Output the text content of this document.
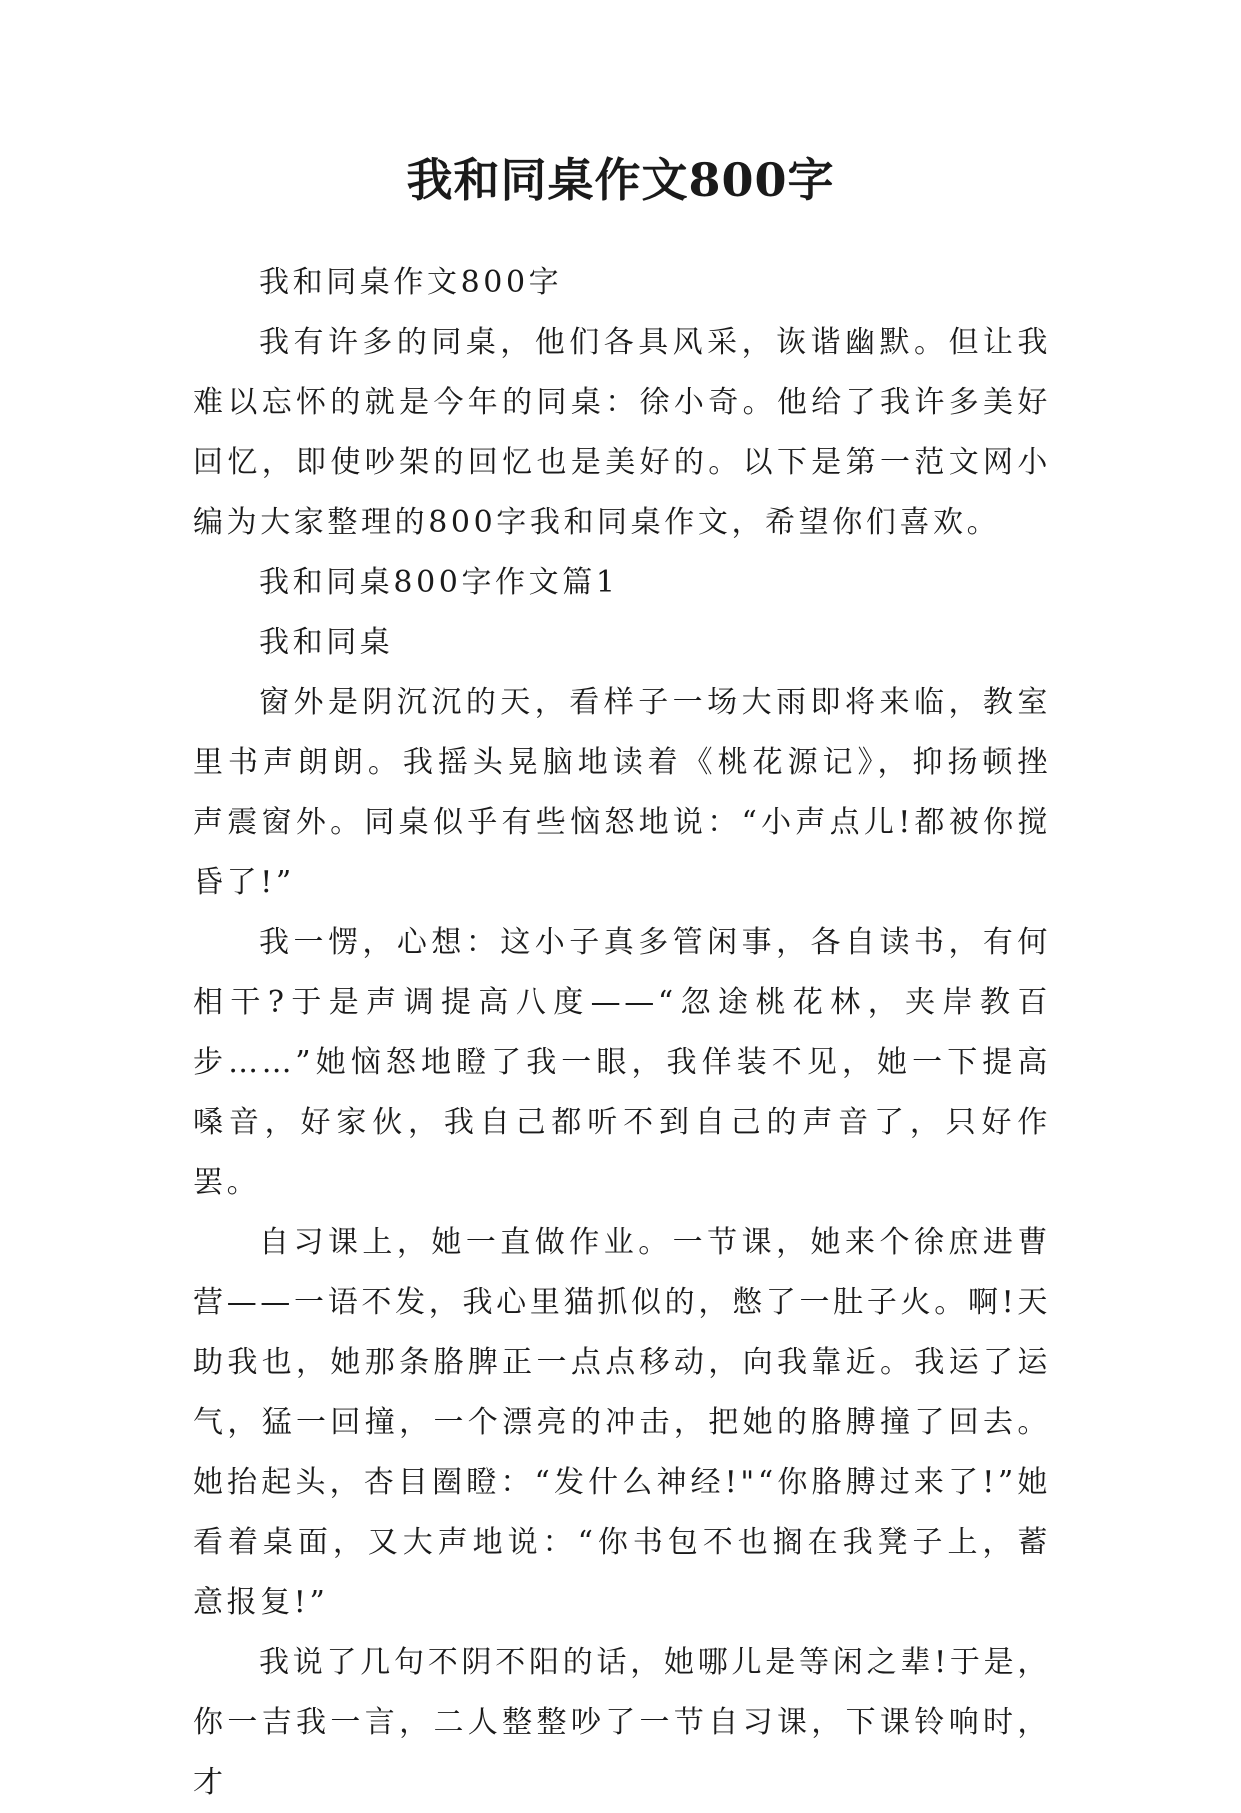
我和同桌作文800字

我和同桌作文800字

我有许多的同桌，他们各具风采，诙谐幽默。但让我难以忘怀的就是今年的同桌：徐小奇。他给了我许多美好回忆，即使吵架的回忆也是美好的。以下是第一范文网小编为大家整理的800字我和同桌作文，希望你们喜欢。

我和同桌800字作文篇1

我和同桌

窗外是阴沉沉的天，看样子一场大雨即将来临，教室里书声朗朗。我摇头晃脑地读着《桃花源记》，抑扬顿挫声震窗外。同桌似乎有些恼怒地说：“小声点儿!都被你搅昏了!”

我一愣，心想：这小子真多管闲事，各自读书，有何相干?于是声调提高八度——“忽途桃花林，夹岸教百步……”她恼怒地瞪了我一眼，我佯装不见，她一下提高嗓音，好家伙，我自己都听不到自己的声音了，只好作罢。

自习课上，她一直做作业。一节课，她来个徐庶进曹营——一语不发，我心里猫抓似的，憋了一肚子火。啊!天助我也，她那条胳脾正一点点移动，向我靠近。我运了运气，猛一回撞，一个漂亮的冲击，把她的胳膊撞了回去。她抬起头，杏目圈瞪：“发什么神经!"“你胳膊过来了!”她看着桌面，又大声地说：“你书包不也搁在我凳子上，蓄意报复!”

我说了几句不阴不阳的话，她哪儿是等闲之辈!于是，你一吉我一言，二人整整吵了一节自习课，下课铃响时，才
